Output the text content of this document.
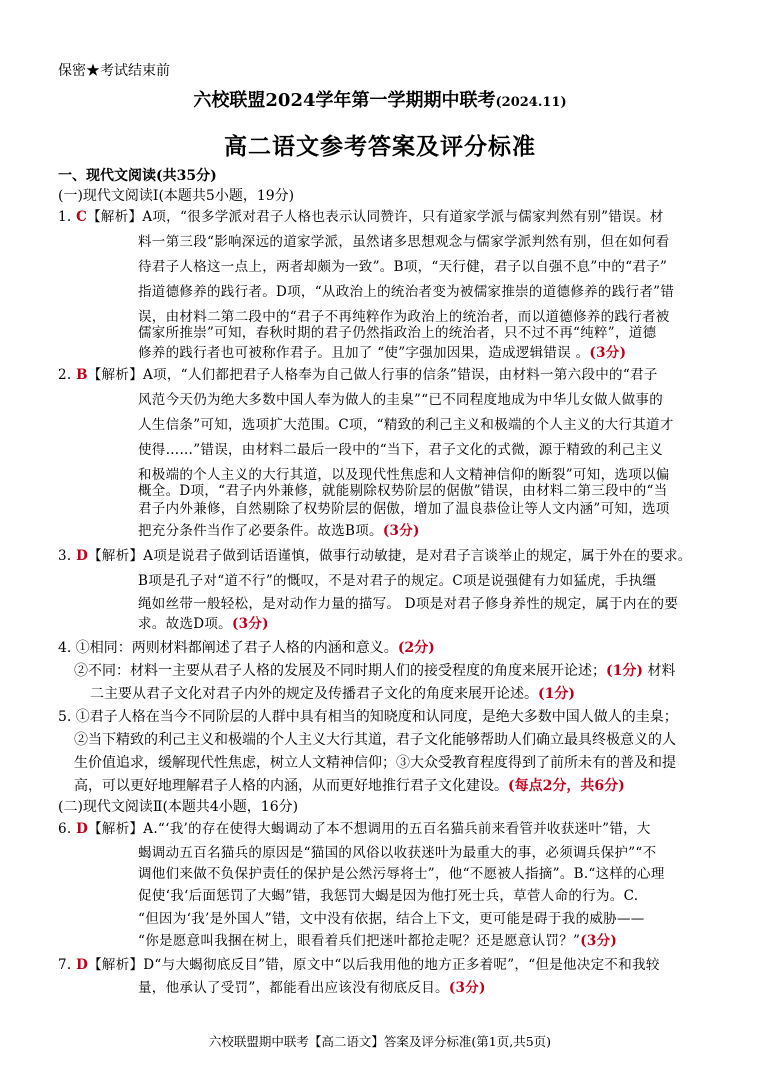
保密★考试结束前
六校联盟2024学年第一学期期中联考(2024.11)
高二语文参考答案及评分标准
一、现代文阅读(共35分)
(一)现代文阅读Ⅰ(本题共5小题，19分)
1. C【解析】A项，“很多学派对君子人格也表示认同赞许，只有道家学派与儒家判然有别”错误。材
料一第三段“影响深远的道家学派，虽然诸多思想观念与儒家学派判然有别，但在如何看
待君子人格这一点上，两者却颇为一致”。B项，“天行健，君子以自强不息”中的“君子”
指道德修养的践行者。D项，“从政治上的统治者变为被儒家推崇的道德修养的践行者”错
误，由材料二第二段中的“君子不再纯粹作为政治上的统治者，而以道德修养的践行者被
儒家所推崇”可知，春秋时期的君子仍然指政治上的统治者，只不过不再“纯粹”，道德
修养的践行者也可被称作君子。且加了 “使”字强加因果，造成逻辑错误 。(3分)
2. B【解析】A项，“人们都把君子人格奉为自己做人行事的信条”错误，由材料一第六段中的“君子
风范今天仍为绝大多数中国人奉为做人的圭臬”“已不同程度地成为中华儿女做人做事的
人生信条”可知，选项扩大范围。C项，“精致的利己主义和极端的个人主义的大行其道才
使得……”错误，由材料二最后一段中的“当下，君子文化的式微，源于精致的利己主义
和极端的个人主义的大行其道，以及现代性焦虑和人文精神信仰的断裂”可知，选项以偏
概全。D项，“君子内外兼修，就能剔除权势阶层的倨傲”错误，由材料二第三段中的“当
君子内外兼修，自然剔除了权势阶层的倨傲，增加了温良恭俭让等人文内涵”可知，选项
把充分条件当作了必要条件。故选B项。(3分)
3. D【解析】A项是说君子做到话语谨慎，做事行动敏捷，是对君子言谈举止的规定，属于外在的要求。
B项是孔子对“道不行”的慨叹，不是对君子的规定。C项是说强健有力如猛虎，手执缰
绳如丝带一般轻松，是对动作力量的描写。 D项是对君子修身养性的规定，属于内在的要
求。故选D项。(3分)
4. ①相同：两则材料都阐述了君子人格的内涵和意义。(2分)
②不同：材料一主要从君子人格的发展及不同时期人们的接受程度的角度来展开论述；(1分) 材料
二主要从君子文化对君子内外的规定及传播君子文化的角度来展开论述。(1分)
5. ①君子人格在当今不同阶层的人群中具有相当的知晓度和认同度，是绝大多数中国人做人的圭臬；
②当下精致的利己主义和极端的个人主义大行其道，君子文化能够帮助人们确立最具终极意义的人
生价值追求，缓解现代性焦虑，树立人文精神信仰；③大众受教育程度得到了前所未有的普及和提
高，可以更好地理解君子人格的内涵，从而更好地推行君子文化建设。(每点2分，共6分)
(二)现代文阅读Ⅱ(本题共4小题，16分)
6. D【解析】A.“‘我’的存在使得大蝎调动了本不想调用的五百名猫兵前来看管并收获迷叶”错，大
蝎调动五百名猫兵的原因是“猫国的风俗以收获迷叶为最重大的事，必须调兵保护”“不
调他们来做不负保护责任的保护是公然污辱将士”，他“不愿被人指摘”。B.“这样的心理
促使‘我‘后面惩罚了大蝎”错，我惩罚大蝎是因为他打死士兵，草菅人命的行为。C.
“但因为‘我’是外国人”错，文中没有依据，结合上下文，更可能是碍于我的威胁——
“你是愿意叫我捆在树上，眼看着兵们把迷叶都抢走呢？还是愿意认罚？”(3分)
7. D【解析】D“与大蝎彻底反目”错，原文中“以后我用他的地方正多着呢”，“但是他决定不和我较
量，他承认了受罚”，都能看出应该没有彻底反目。(3分)
六校联盟期中联考【高二语文】答案及评分标准(第1页,共5页)
